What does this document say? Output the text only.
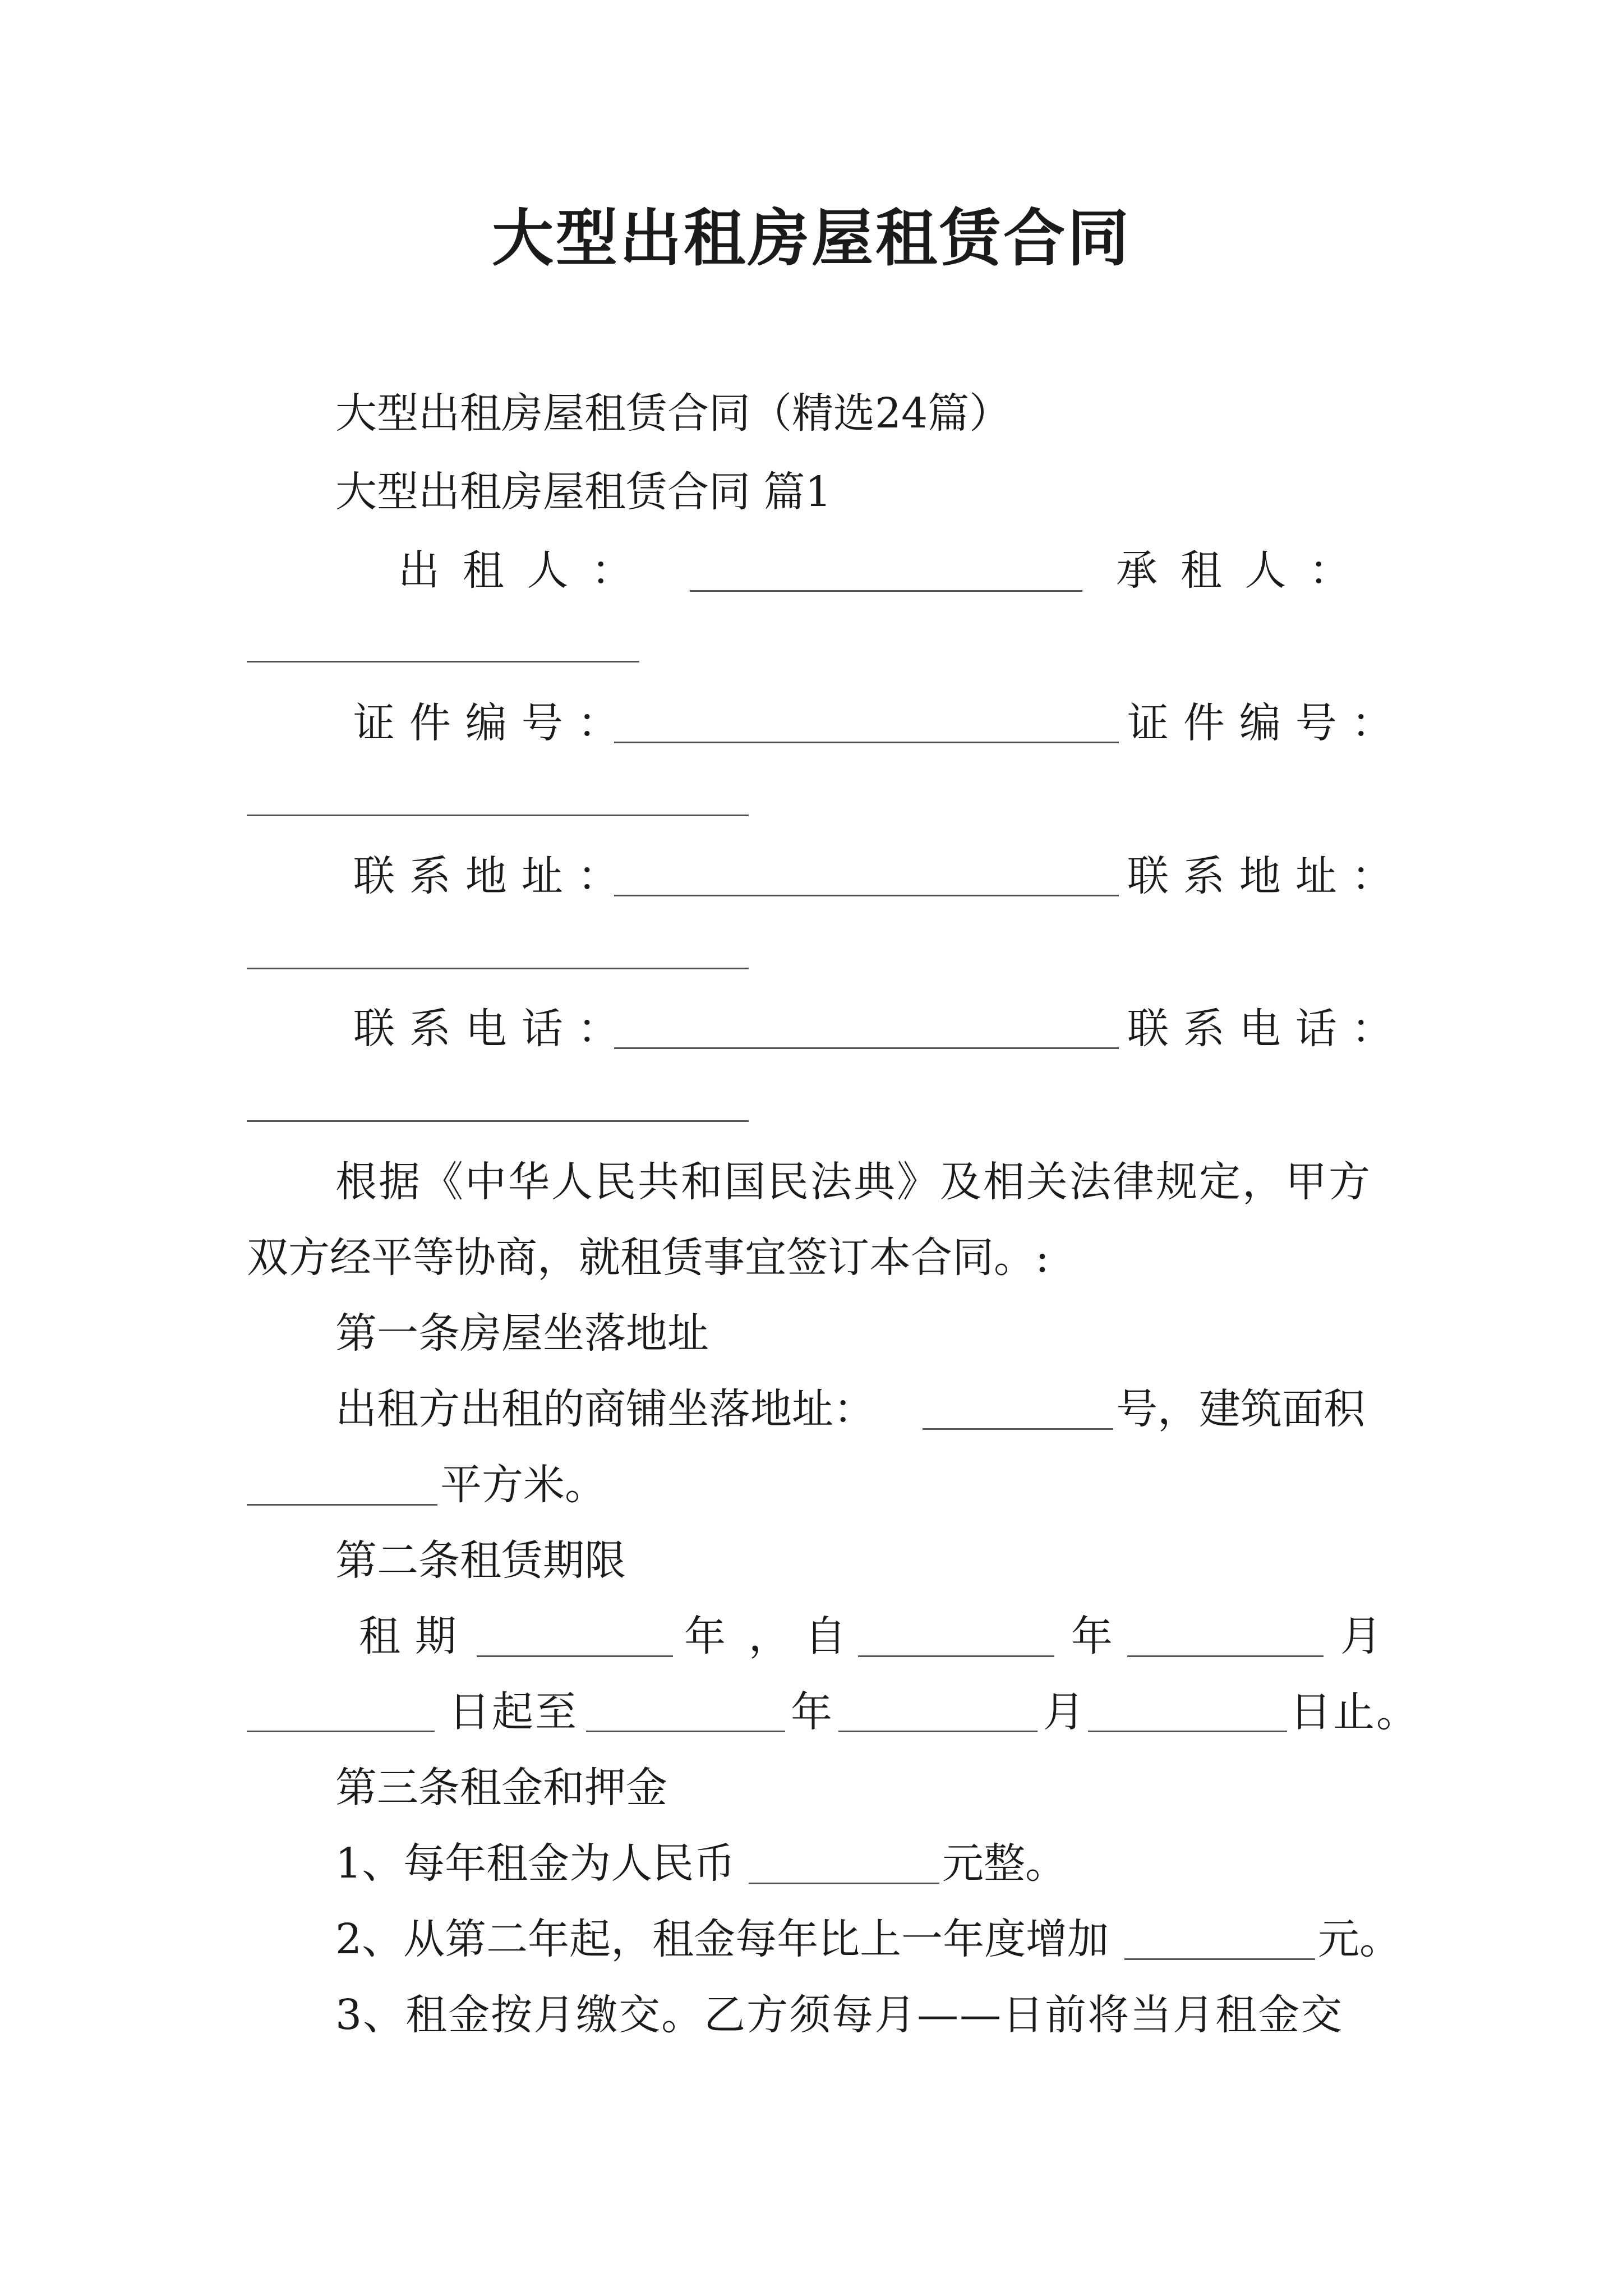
大型出租房屋租赁合同
大型出租房屋租赁合同（精选24篇）
大型出租房屋租赁合同 篇1
出租人：	承租人：
证件编号：	证件编号：
联系地址：	联系地址：
联系电话：	联系电话：
根据《中华人民共和国民法典》及相关法律规定，甲方
双方经平等协商，就租赁事宜签订本合同。:
第一条房屋坐落地址
出租方出租的商铺坐落地址：	号，建筑面积
平方米。
第二条租赁期限
租期	年，
自	年	月
日起至	年	月	日止。
第三条租金和押金
1、每年租金为人民币	元整。
2、从第二年起，租金每年比上一年度增加	元。
3、租金按月缴交。乙方须每月——日前将当月租金交
